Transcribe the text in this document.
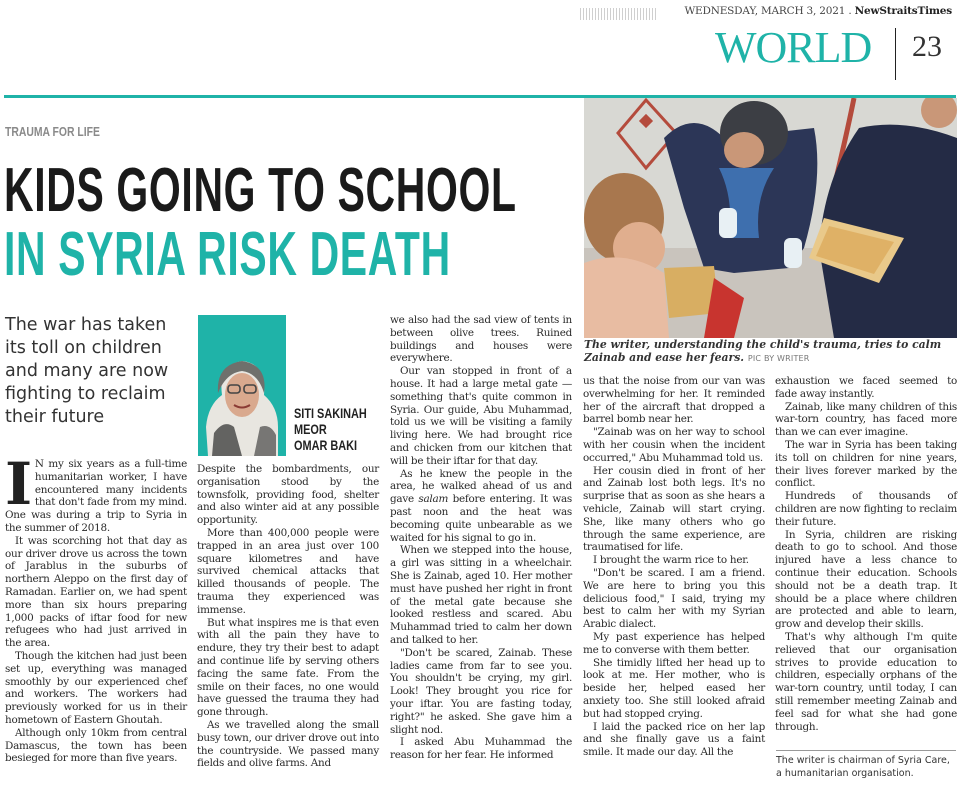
WEDNESDAY, MARCH 3, 2021 . NewStraitsTimes
WORLD 23
TRAUMA FOR LIFE
KIDS GOING TO SCHOOL
IN SYRIA RISK DEATH
The war has taken its toll on children and many are now fighting to reclaim their future	SITI SAKINAH
MEOR
OMAR BAKI
The writer, understanding the child's trauma, tries to calm Zainab and ease her fears. PIC BY WRITER

I N my six years as a full-time humanitarian worker, I have encountered many incidents that don't fade from my mind. One was during a trip to Syria in the summer of 2018.

It was scorching hot that day as our driver drove us across the town of Jarablus in the suburbs of northern Aleppo on the first day of Ramadan. Earlier on, we had spent more than six hours preparing 1,000 packs of iftar food for new refugees who had just arrived in the area.

Though the kitchen had just been set up, everything was managed smoothly by our experienced chef and workers. The workers had previously worked for us in their hometown of Eastern Ghoutah.

Although only 10km from central Damascus, the town has been besieged for more than five years.

Despite the bombardments, our organisation stood by the townsfolk, providing food, shelter and also winter aid at any possible opportunity.

More than 400,000 people were trapped in an area just over 100 square kilometres and have survived chemical attacks that killed thousands of people. The trauma they experienced was immense.

But what inspires me is that even with all the pain they have to endure, they try their best to adapt and continue life by serving others facing the same fate. From the smile on their faces, no one would have guessed the trauma they had gone through.

As we travelled along the small busy town, our driver drove out into the countryside. We passed many fields and olive farms. And

we also had the sad view of tents in between olive trees. Ruined buildings and houses were everywhere.

Our van stopped in front of a house. It had a large metal gate — something that's quite common in Syria. Our guide, Abu Muhammad, told us we will be visiting a family living here. We had brought rice and chicken from our kitchen that will be their iftar for that day.

As he knew the people in the area, he walked ahead of us and gave salam before entering. It was past noon and the heat was becoming quite unbearable as we waited for his signal to go in.

When we stepped into the house, a girl was sitting in a wheelchair. She is Zainab, aged 10. Her mother must have pushed her right in front of the metal gate because she looked restless and scared. Abu Muhammad tried to calm her down and talked to her.

"Don't be scared, Zainab. These ladies came from far to see you. You shouldn't be crying, my girl. Look! They brought you rice for your iftar. You are fasting today, right?" he asked. She gave him a slight nod.

I asked Abu Muhammad the reason for her fear. He informed

us that the noise from our van was overwhelming for her. It reminded her of the aircraft that dropped a barrel bomb near her.

"Zainab was on her way to school with her cousin when the incident occurred," Abu Muhammad told us.

Her cousin died in front of her and Zainab lost both legs. It's no surprise that as soon as she hears a vehicle, Zainab will start crying. She, like many others who go through the same experience, are traumatised for life.

I brought the warm rice to her.

"Don't be scared. I am a friend. We are here to bring you this delicious food," I said, trying my best to calm her with my Syrian Arabic dialect.

My past experience has helped me to converse with them better.

She timidly lifted her head up to look at me. Her mother, who is beside her, helped eased her anxiety too. She still looked afraid but had stopped crying.

I laid the packed rice on her lap and she finally gave us a faint smile. It made our day. All the

exhaustion we faced seemed to fade away instantly.

Zainab, like many children of this war-torn country, has faced more than we can ever imagine.

The war in Syria has been taking its toll on children for nine years, their lives forever marked by the conflict.

Hundreds of thousands of children are now fighting to reclaim their future.

In Syria, children are risking death to go to school. And those injured have a less chance to continue their education. Schools should not be a death trap. It should be a place where children are protected and able to learn, grow and develop their skills.

That's why although I'm quite relieved that our organisation strives to provide education to children, especially orphans of the war-torn country, until today, I can still remember meeting Zainab and feel sad for what she had gone through.

The writer is chairman of Syria Care, a humanitarian organisation.
